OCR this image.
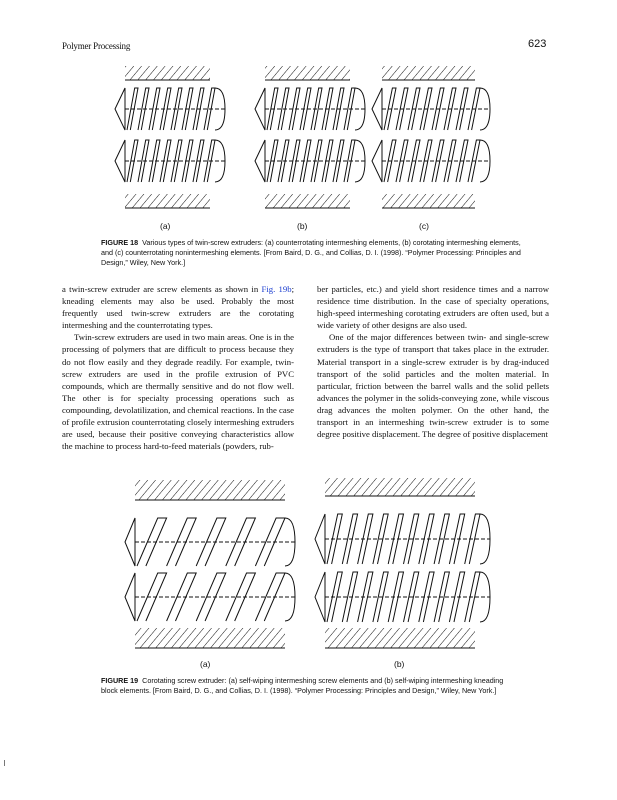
Polymer Processing	623
(a)	(b)	(c)
FIGURE 18 Various types of twin-screw extruders: (a) counterrotating intermeshing elements, (b) corotating intermeshing elements, and (c) counterrotating nonintermeshing elements. [From Baird, D. G., and Collias, D. I. (1998). “Polymer Processing: Principles and Design,” Wiley, New York.]

a twin-screw extruder are screw elements as shown in Fig. 19b; kneading elements may also be used. Probably the most frequently used twin-screw extruders are the corotating intermeshing and the counterrotating types.

Twin-screw extruders are used in two main areas. One is in the processing of polymers that are difficult to process because they do not flow easily and they degrade readily. For example, twin-screw extruders are used in the profile extrusion of PVC compounds, which are thermally sensitive and do not flow well. The other is for specialty processing operations such as compounding, devolatilization, and chemical reactions. In the case of profile extrusion counterrotating closely intermeshing extruders are used, because their positive conveying characteristics allow the machine to process hard-to-feed materials (powders, rub-

ber particles, etc.) and yield short residence times and a narrow residence time distribution. In the case of specialty operations, high-speed intermeshing corotating extruders are often used, but a wide variety of other designs are also used.

One of the major differences between twin- and single-screw extruders is the type of transport that takes place in the extruder. Material transport in a single-screw extruder is by drag-induced transport of the solid particles and the molten material. In particular, friction between the barrel walls and the solid pellets advances the polymer in the solids-conveying zone, while viscous drag advances the molten polymer. On the other hand, the transport in an intermeshing twin-screw extruder is to some degree positive displacement. The degree of positive displacement

(a)	(b)
FIGURE 19 Corotating screw extruder: (a) self-wiping intermeshing screw elements and (b) self-wiping intermeshing kneading block elements. [From Baird, D. G., and Collias, D. I. (1998). “Polymer Processing: Principles and Design,” Wiley, New York.]
